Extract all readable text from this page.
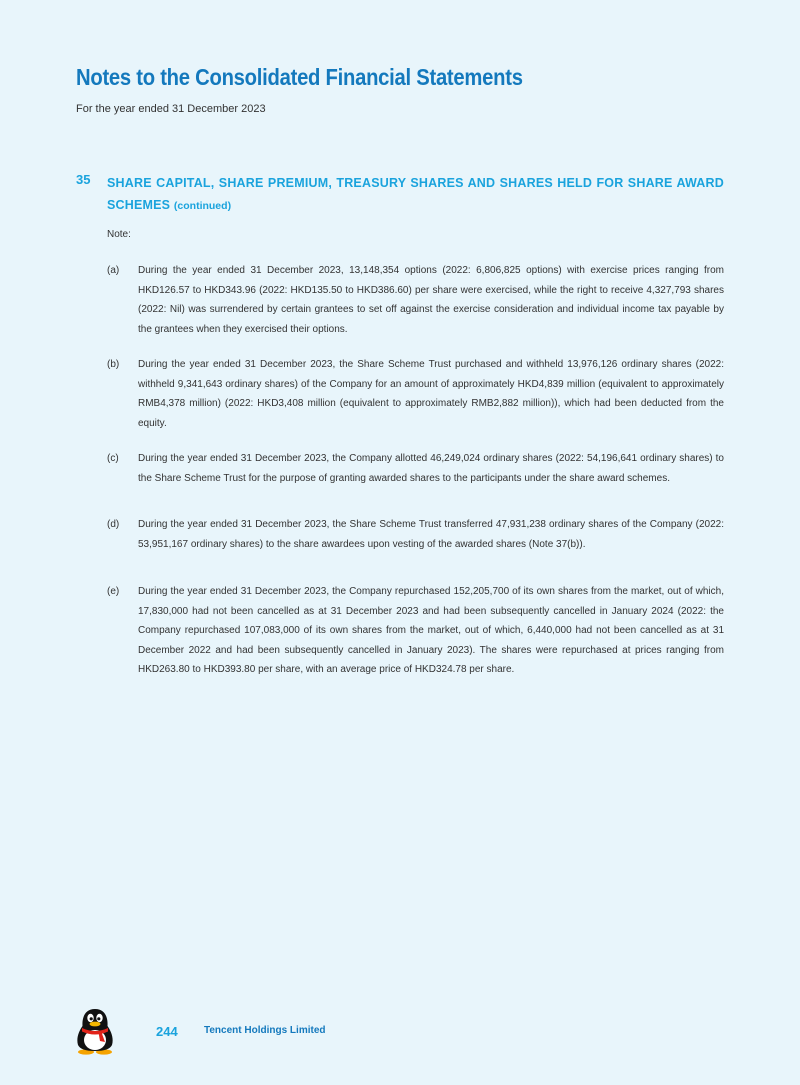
Notes to the Consolidated Financial Statements
For the year ended 31 December 2023
35 SHARE CAPITAL, SHARE PREMIUM, TREASURY SHARES AND SHARES HELD FOR SHARE AWARD SCHEMES (continued)
Note:
(a) During the year ended 31 December 2023, 13,148,354 options (2022: 6,806,825 options) with exercise prices ranging from HKD126.57 to HKD343.96 (2022: HKD135.50 to HKD386.60) per share were exercised, while the right to receive 4,327,793 shares (2022: Nil) was surrendered by certain grantees to set off against the exercise consideration and individual income tax payable by the grantees when they exercised their options.
(b) During the year ended 31 December 2023, the Share Scheme Trust purchased and withheld 13,976,126 ordinary shares (2022: withheld 9,341,643 ordinary shares) of the Company for an amount of approximately HKD4,839 million (equivalent to approximately RMB4,378 million) (2022: HKD3,408 million (equivalent to approximately RMB2,882 million)), which had been deducted from the equity.
(c) During the year ended 31 December 2023, the Company allotted 46,249,024 ordinary shares (2022: 54,196,641 ordinary shares) to the Share Scheme Trust for the purpose of granting awarded shares to the participants under the share award schemes.
(d) During the year ended 31 December 2023, the Share Scheme Trust transferred 47,931,238 ordinary shares of the Company (2022: 53,951,167 ordinary shares) to the share awardees upon vesting of the awarded shares (Note 37(b)).
(e) During the year ended 31 December 2023, the Company repurchased 152,205,700 of its own shares from the market, out of which, 17,830,000 had not been cancelled as at 31 December 2023 and had been subsequently cancelled in January 2024 (2022: the Company repurchased 107,083,000 of its own shares from the market, out of which, 6,440,000 had not been cancelled as at 31 December 2022 and had been subsequently cancelled in January 2023). The shares were repurchased at prices ranging from HKD263.80 to HKD393.80 per share, with an average price of HKD324.78 per share.
244	Tencent Holdings Limited
